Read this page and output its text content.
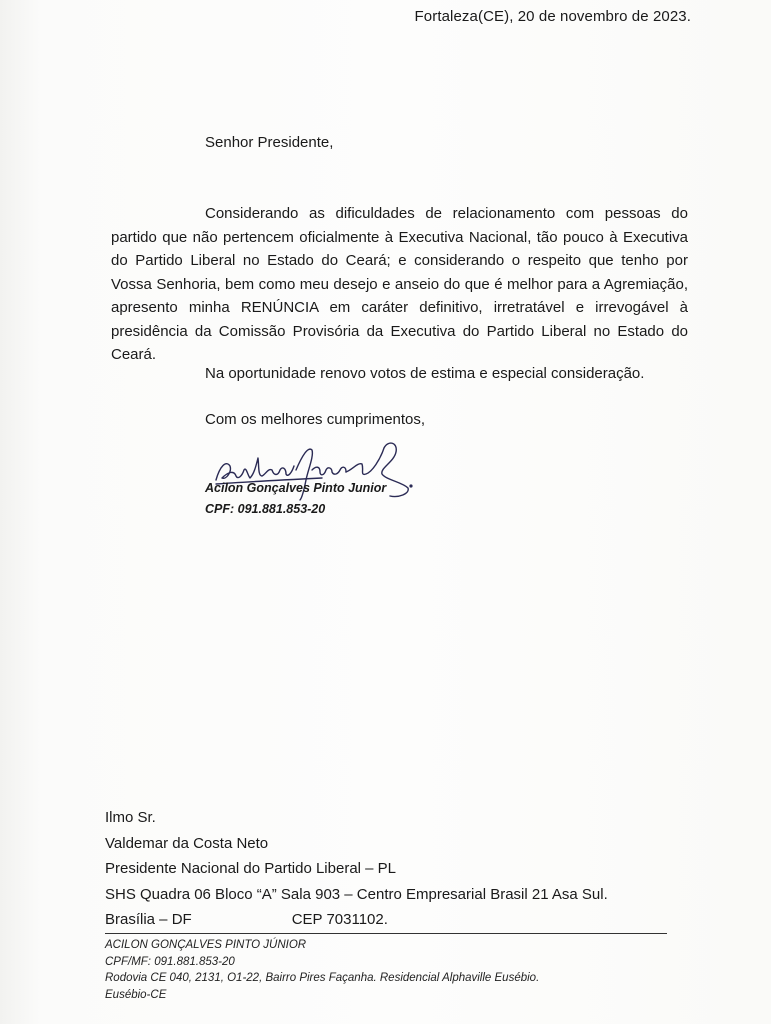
Fortaleza(CE), 20 de novembro de 2023.
Senhor Presidente,

Considerando as dificuldades de relacionamento com pessoas do partido que não pertencem oficialmente à Executiva Nacional, tão pouco à Executiva do Partido Liberal no Estado do Ceará; e considerando o respeito que tenho por Vossa Senhoria, bem como meu desejo e anseio do que é melhor para a Agremiação, apresento minha RENÚNCIA em caráter definitivo, irretratável e irrevogável à presidência da Comissão Provisória da Executiva do Partido Liberal no Estado do Ceará.

Na oportunidade renovo votos de estima e especial consideração.
Com os melhores cumprimentos,
Acilon Gonçalves Pinto Junior
CPF: 091.881.853-20
Ilmo Sr.
Valdemar da Costa Neto
Presidente Nacional do Partido Liberal – PL
SHS Quadra 06 Bloco “A” Sala 903 – Centro Empresarial Brasil 21 Asa Sul.
Brasília – DF	CEP 7031102.
ACILON GONÇALVES PINTO JÚNIOR
CPF/MF: 091.881.853-20
Rodovia CE 040, 2131, O1-22, Bairro Pires Façanha. Residencial Alphaville Eusébio.
Eusébio-CE
